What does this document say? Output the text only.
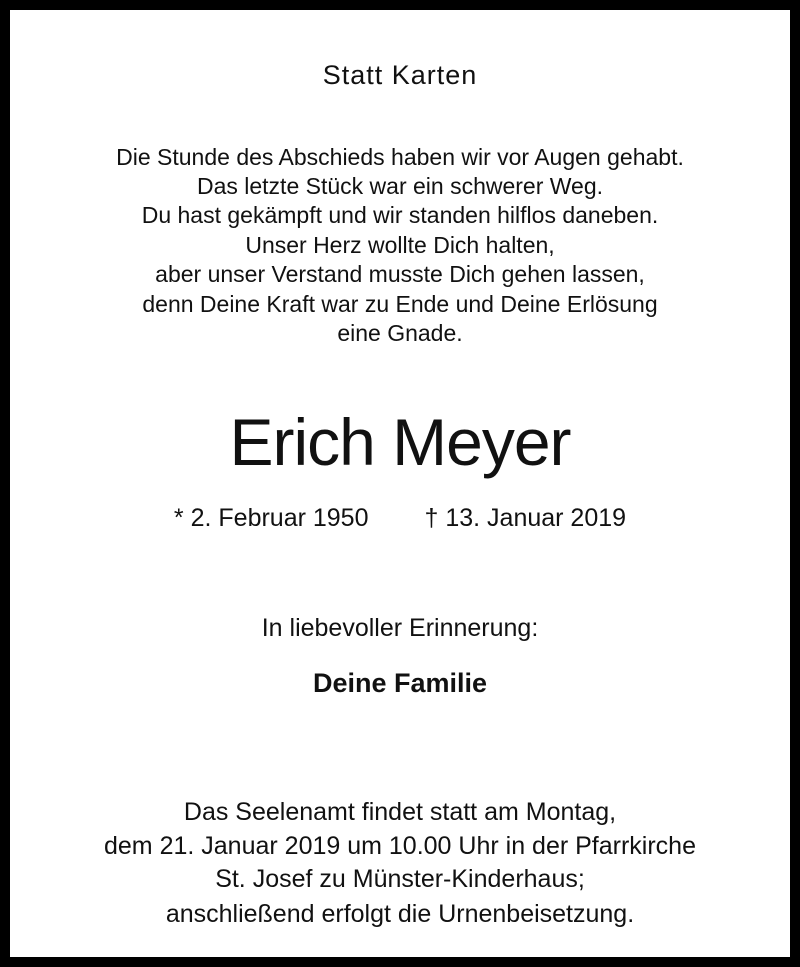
Statt Karten
Die Stunde des Abschieds haben wir vor Augen gehabt.
Das letzte Stück war ein schwerer Weg.
Du hast gekämpft und wir standen hilflos daneben.
Unser Herz wollte Dich halten,
aber unser Verstand musste Dich gehen lassen,
denn Deine Kraft war zu Ende und Deine Erlösung
eine Gnade.
Erich Meyer
* 2. Februar 1950 † 13. Januar 2019
In liebevoller Erinnerung:
Deine Familie
Das Seelenamt findet statt am Montag,
dem 21. Januar 2019 um 10.00 Uhr in der Pfarrkirche
St. Josef zu Münster-Kinderhaus;
anschließend erfolgt die Urnenbeisetzung.
